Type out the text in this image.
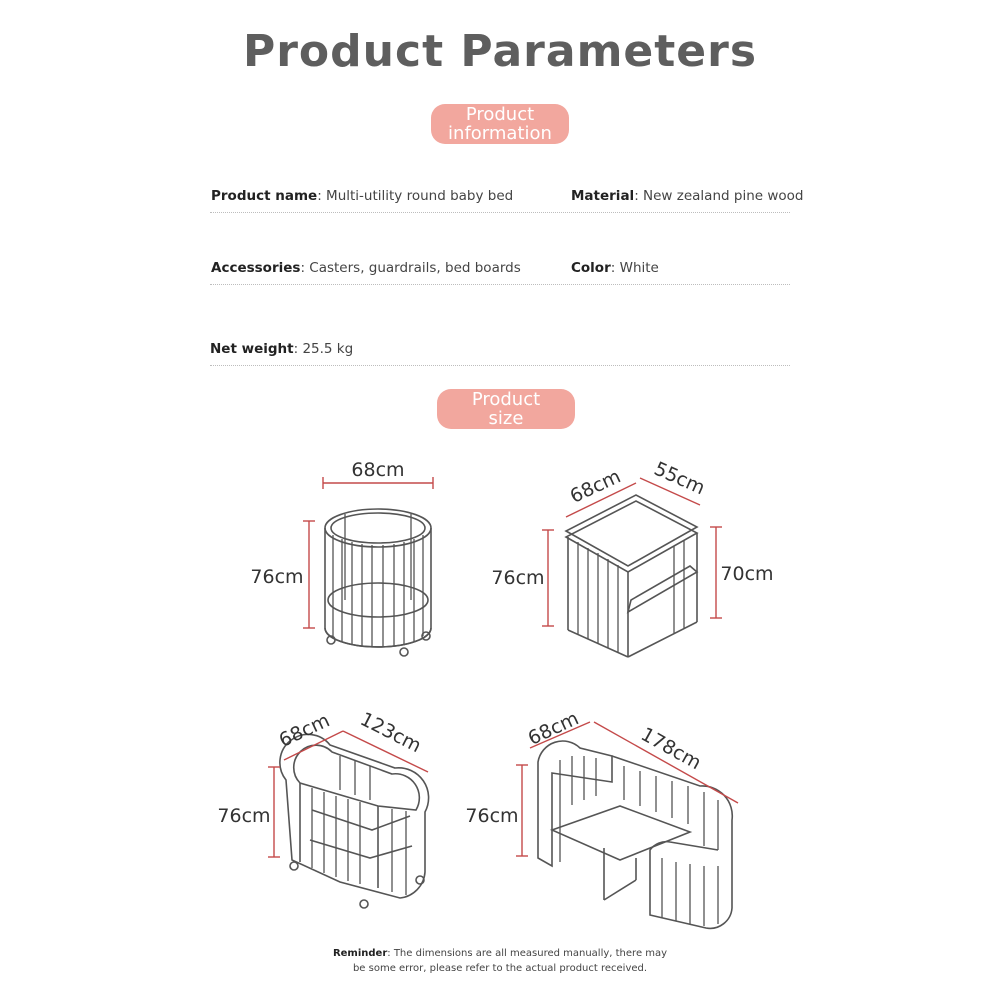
Product Parameters
Product
information
Product name: Multi-utility round baby bed	Material: New zealand pine wood
Accessories: Casters, guardrails, bed boards	Color: White
Net weight: 25.5 kg
Product
size
68cm
76cm
68cm 55cm
76cm	70cm
68cm 123cm
76cm
68cm	178cm
76cm
Reminder: The dimensions are all measured manually, there may
be some error, please refer to the actual product received.
